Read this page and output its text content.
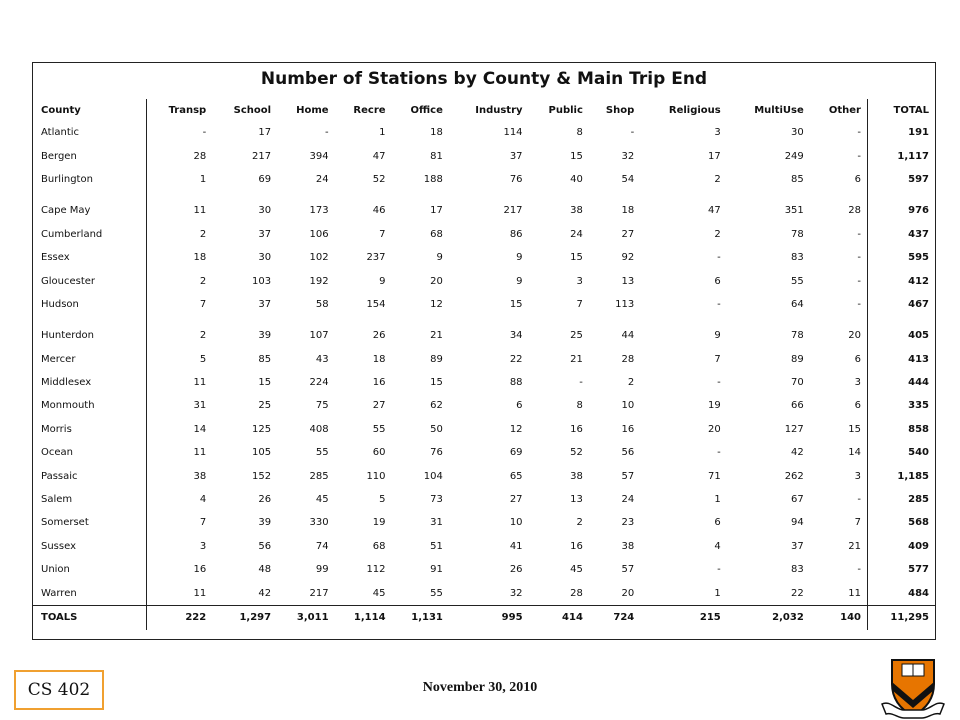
Number of Stations by County & Main Trip End
County	Transp	School	Home	Recre	Office	Industry	Public	Shop	Religious	MultiUse	Other	TOTAL
Atlantic	-	17	-	1	18	114	8	-	3	30	-	191
Bergen	28	217	394	47	81	37	15	32	17	249	-	1,117
Burlington	1	69	24	52	188	76	40	54	2	85	6	597
Cape May	11	30	173	46	17	217	38	18	47	351	28	976
Cumberland	2	37	106	7	68	86	24	27	2	78	-	437
Essex	18	30	102	237	9	9	15	92	-	83	-	595
Gloucester	2	103	192	9	20	9	3	13	6	55	-	412
Hudson	7	37	58	154	12	15	7	113	-	64	-	467
Hunterdon	2	39	107	26	21	34	25	44	9	78	20	405
Mercer	5	85	43	18	89	22	21	28	7	89	6	413
Middlesex	11	15	224	16	15	88	-	2	-	70	3	444
Monmouth	31	25	75	27	62	6	8	10	19	66	6	335
Morris	14	125	408	55	50	12	16	16	20	127	15	858
Ocean	11	105	55	60	76	69	52	56	-	42	14	540
Passaic	38	152	285	110	104	65	38	57	71	262	3	1,185
Salem	4	26	45	5	73	27	13	24	1	67	-	285
Somerset	7	39	330	19	31	10	2	23	6	94	7	568
Sussex	3	56	74	68	51	41	16	38	4	37	21	409
Union	16	48	99	112	91	26	45	57	-	83	-	577
Warren	11	42	217	45	55	32	28	20	1	22	11	484
TOALS	222	1,297	3,011	1,114	1,131	995	414	724	215	2,032	140	11,295
CS 402	November 30, 2010
